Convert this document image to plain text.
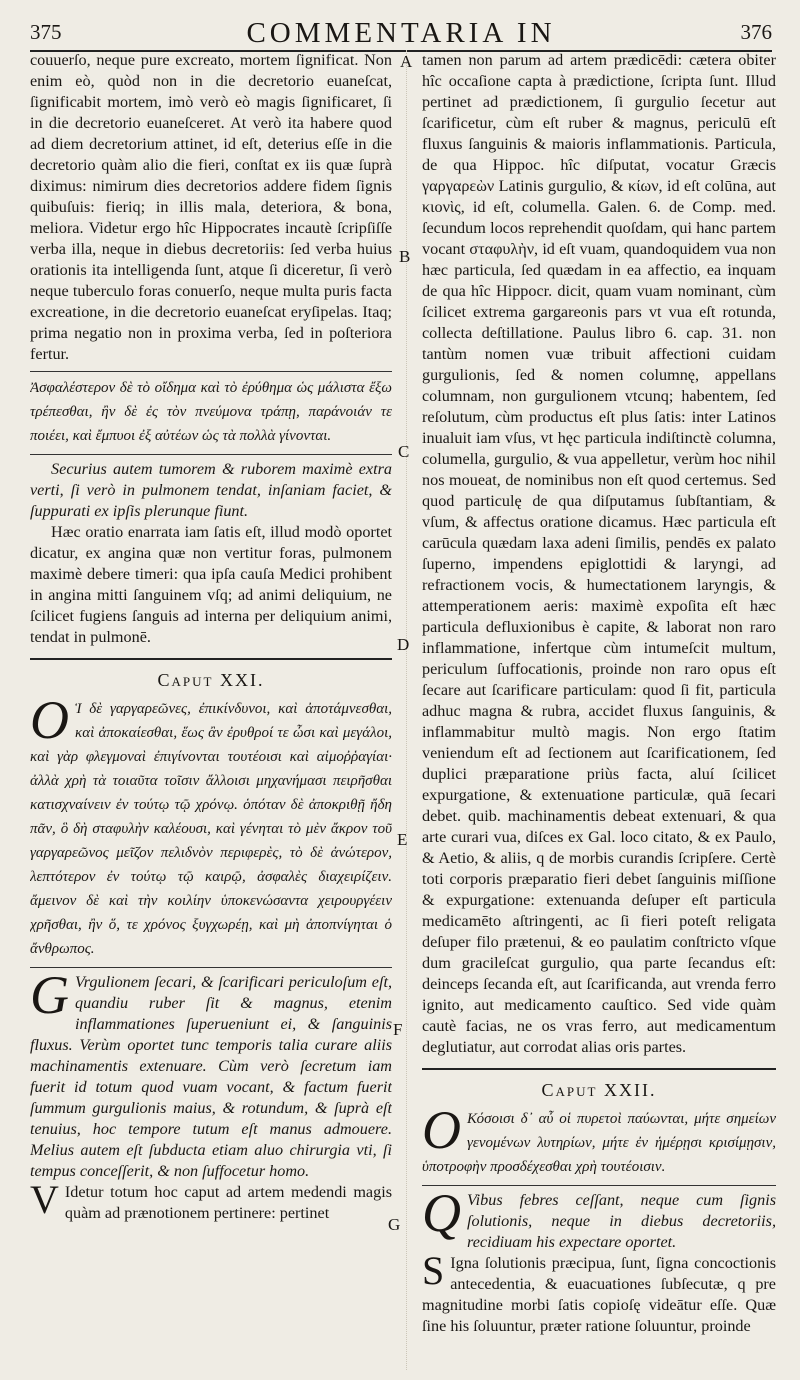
375	COMMENTARIA IN	376
A
B
C
D
E
F
G

couuerſo, neque pure excreato, mortem ſignificat. Non enim eò, quòd non in die decretorio euaneſcat, ſignificabit mortem, imò verò eò magis ſignificaret, ſi in die decretorio euaneſceret. At verò ita habere quod ad diem decretorium attinet, id eſt, deterius eſſe in die decretorio quàm alio die fieri, conſtat ex iis quæ ſuprà diximus: nimirum dies decretorios addere fidem ſignis quibuſuis: fieriq; in illis mala, deteriora, & bona, meliora. Videtur ergo hîc Hippocrates incautè ſcripſiſſe verba illa, neque in diebus decretoriis: ſed verba huius orationis ita intelligenda ſunt, atque ſi diceretur, ſi verò neque tuberculo foras conuerſo, neque multa puris facta excreatione, in die decretorio euaneſcat eryſipelas. Itaq; prima negatio non in proxima verba, ſed in poſteriora fertur.

Ἀσφαλέστερον δὲ τὸ οἴδημα καὶ τὸ ἐρύθημα ὡς μάλιστα ἔξω τρέπεσθαι, ἢν δὲ ἐς τὸν πνεύμονα τράπῃ, παράνοιάν τε ποιέει, καὶ ἔμπυοι ἐξ αὐτέων ὡς τὰ πολλὰ γίνονται.

Securius autem tumorem & ruborem maximè extra verti, ſi verò in pulmonem tendat, inſaniam faciet, & ſuppurati ex ipſis plerunque fiunt.

Hæc oratio enarrata iam ſatis eſt, illud modò oportet dicatur, ex angina quæ non vertitur foras, pulmonem maximè debere timeri: qua ipſa cauſa Medici prohibent in angina mitti ſanguinem vſq; ad animi deliquium, ne ſcilicet fugiens ſanguis ad interna per deliquium animi, tendat in pulmonē.

Caput XXI.

Ο Ἱ δὲ γαργαρεῶνες, ἐπικίνδυνοι, καὶ ἀποτάμνεσθαι, καὶ ἀποκαίεσθαι, ἕως ἂν ἐρυθροί τε ὦσι καὶ μεγάλοι, καὶ γὰρ φλεγμοναὶ ἐπιγίνονται τουτέοισι καὶ αἱμοῤῥαγίαι· ἀλλὰ χρὴ τὰ τοιαῦτα τοῖσιν ἄλλοισι μηχανήμασι πειρῆσθαι κατισχναίνειν ἐν τούτῳ τῷ χρόνῳ. ὁπόταν δὲ ἀποκριθῇ ἤδη πᾶν, ὃ δὴ σταφυλὴν καλέουσι, καὶ γένηται τὸ μὲν ἄκρον τοῦ γαργαρεῶνος μεῖζον πελιδνὸν περιφερὲς, τὸ δὲ ἀνώτερον, λεπτότερον ἐν τούτῳ τῷ καιρῷ, ἀσφαλὲς διαχειρίζειν. ἄμεινον δὲ καὶ τὴν κοιλίην ὑποκενώσαντα χειρουργέειν χρῆσθαι, ἢν ὅ, τε χρόνος ξυγχωρέῃ, καὶ μὴ ἀποπνίγηται ὁ ἄνθρωπος.

G Vrgulionem ſecari, & ſcarificari periculoſum eſt, quandiu ruber ſit & magnus, etenim inflammationes ſuperueniunt ei, & ſanguinis fluxus. Verùm oportet tunc temporis talia curare aliis machinamentis extenuare. Cùm verò ſecretum iam fuerit id totum quod vuam vocant, & factum fuerit ſummum gurgulionis maius, & rotundum, & ſuprà eſt tenuius, hoc tempore tutum eſt manus admouere. Melius autem eſt ſubducta etiam aluo chirurgia vti, ſi tempus conceſſerit, & non ſuffocetur homo.

V Idetur totum hoc caput ad artem medendi magis quàm ad prænotionem pertinere: pertinet

tamen non parum ad artem prædicēdi: cætera obiter hîc occaſione capta à prædictione, ſcripta ſunt. Illud pertinet ad prædictionem, ſi gurgulio ſecetur aut ſcarificetur, cùm eſt ruber & magnus, periculū eſt fluxus ſanguinis & maioris inflammationis. Particula, de qua Hippoc. hîc diſputat, vocatur Græcis γαργαρεὼν Latinis gurgulio, & κίων, id eſt colūna, aut κιονὶς, id eſt, columella. Galen. 6. de Comp. med. ſecundum locos reprehendit quoſdam, qui hanc partem vocant σταφυλὴν, id eſt vuam, quandoquidem vua non hæc particula, ſed quædam in ea affectio, ea inquam de qua hîc Hippocr. dicit, quam vuam nominant, cùm ſcilicet extrema gargareonis pars vt vua eſt rotunda, collecta deſtillatione. Paulus libro 6. cap. 31. non tantùm nomen vuæ tribuit affectioni cuidam gurgulionis, ſed & nomen columnę, appellans columnam, non gurgulionem vtcunq; habentem, ſed reſolutum, cùm productus eſt plus ſatis: inter Latinos inualuit iam vſus, vt hęc particula indiſtinctè columna, columella, gurgulio, & vua appelletur, verùm hoc nihil nos moueat, de nominibus non eſt quod certemus. Sed quod particulę de qua diſputamus ſubſtantiam, & vſum, & affectus oratione dicamus. Hæc particula eſt carūcula quædam laxa adeni ſimilis, pendēs ex palato ſuperno, impendens epiglottidi & laryngi, ad refractionem vocis, & humectationem laryngis, & attemperationem aeris: maximè expoſita eſt hæc particula defluxionibus è capite, & laborat non raro inflammatione, infertque cùm intumeſcit multum, periculum ſuffocationis, proinde non raro opus eſt ſecare aut ſcarificare particulam: quod ſi fit, particula adhuc magna & rubra, accidet fluxus ſanguinis, & inflammabitur multò magis. Non ergo ſtatim veniendum eſt ad ſectionem aut ſcarificationem, ſed duplici præparatione priùs facta, aluí ſcilicet expurgatione, & extenuatione particulæ, quā ſecari debet. quib. machinamentis debeat extenuari, & qua arte curari vua, diſces ex Gal. loco citato, & ex Paulo, & Aetio, & aliis, q de morbis curandis ſcripſere. Certè toti corporis præparatio fieri debet ſanguinis miſſione & expurgatione: extenuanda deſuper eſt particula medicamēto aſtringenti, ac ſi fieri poteſt religata deſuper filo prætenui, & eo paulatim conſtricto vſque dum gracileſcat gurgulio, qua parte ſecandus eſt: deinceps ſecanda eſt, aut ſcarificanda, aut vrenda ferro ignito, aut medicamento cauſtico. Sed vide quàm cautè facias, ne os vras ferro, aut medicamentum deglutiatur, aut corrodat alias oris partes.

Caput XXII.

Ο Κόσοισι δ᾽ αὖ οἱ πυρετοὶ παύωνται, μήτε σημείων γενομένων λυτηρίων, μήτε ἐν ἡμέρῃσι κρισίμῃσιν, ὑποτροφὴν προσδέχεσθαι χρὴ τουτέοισιν.

Q Vibus febres ceſſant, neque cum ſignis ſolutionis, neque in diebus decretoriis, recidiuam his expectare oportet.

S Igna ſolutionis præcipua, ſunt, ſigna concoctionis antecedentia, & euacuationes ſubſecutæ, q pre magnitudine morbi ſatis copioſę videātur eſſe. Quæ ſine his ſoluuntur, præter ratione ſoluuntur, proinde
